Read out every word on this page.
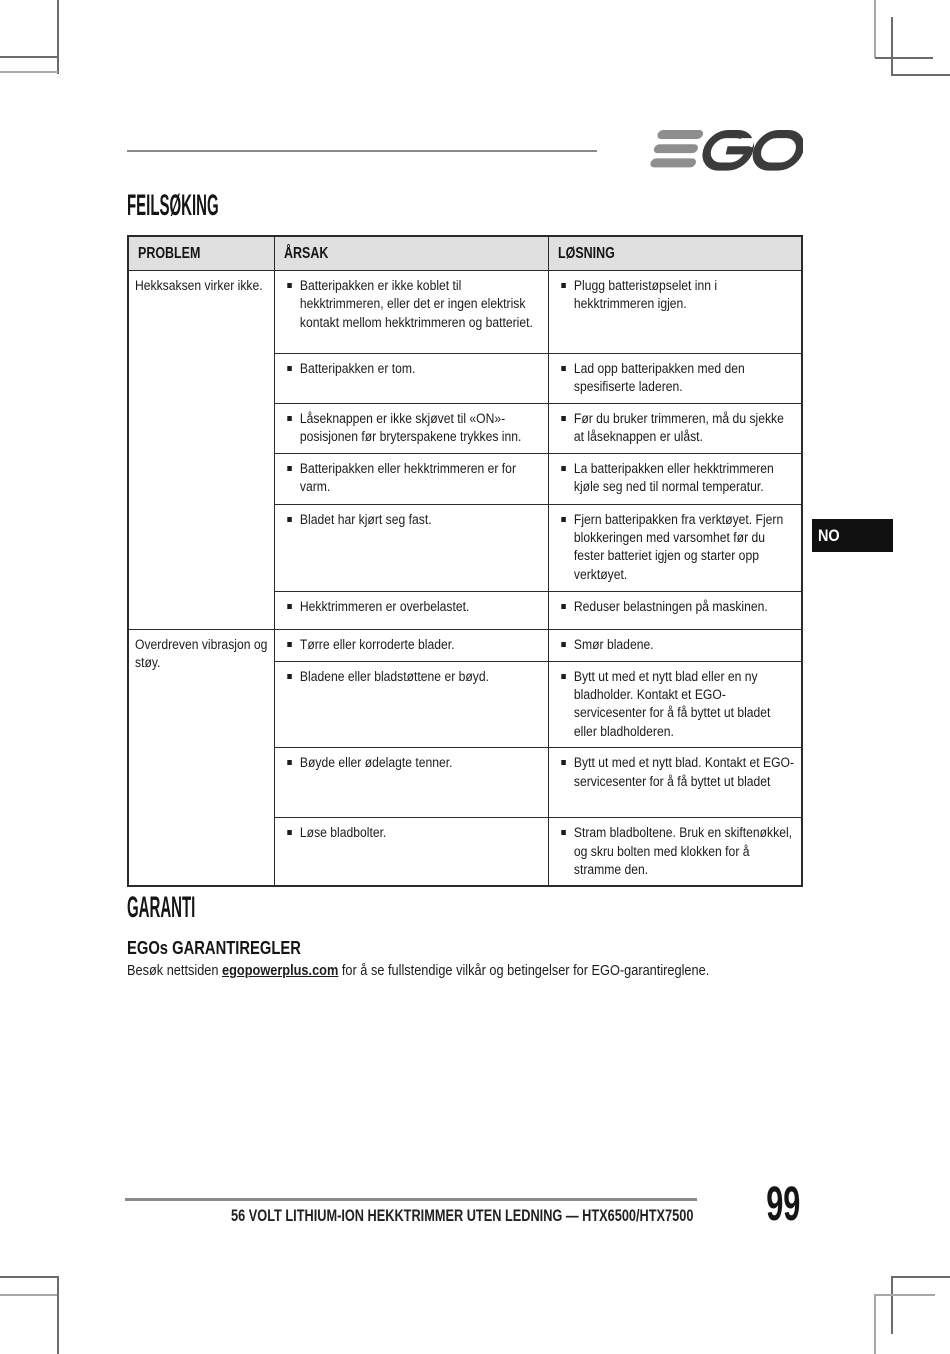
FEILSØKING
PROBLEM	ÅRSAK	LØSNING

Hekksaksen virker ikke.	Batteripakken er ikke koblet til hekktrimmeren, eller det er ingen elektrisk kontakt mellom hekktrimmeren og batteriet.	Plugg batteristøpselet inn i hekktrimmeren igjen.

	Batteripakken er tom.	Lad opp batteripakken med den spesifiserte laderen.

	Låseknappen er ikke skjøvet til «ON»-posisjonen før bryterspakene trykkes inn.	Før du bruker trimmeren, må du sjekke at låseknappen er ulåst.

	Batteripakken eller hekktrimmeren er for varm.	La batteripakken eller hekktrimmeren kjøle seg ned til normal temperatur.

	Bladet har kjørt seg fast.	Fjern batteripakken fra verktøyet. Fjern blokkeringen med varsomhet før du fester batteriet igjen og starter opp verktøyet.

	Hekktrimmeren er overbelastet.	Reduser belastningen på maskinen.

Overdreven vibrasjon og støy.	Tørre eller korroderte blader.	Smør bladene.

	Bladene eller bladstøttene er bøyd.	Bytt ut med et nytt blad eller en ny bladholder. Kontakt et EGO-servicesenter for å få byttet ut bladet eller bladholderen.

	Bøyde eller ødelagte tenner.	Bytt ut med et nytt blad. Kontakt et EGO-servicesenter for å få byttet ut bladet

	Løse bladbolter.	Stram bladboltene. Bruk en skiftenøkkel, og skru bolten med klokken for å stramme den.
GARANTI
EGOs GARANTIREGLER
Besøk nettsiden egopowerplus.com for å se fullstendige vilkår og betingelser for EGO-garantireglene.
NO
56 VOLT LITHIUM-ION HEKKTRIMMER UTEN LEDNING — HTX6500/HTX7500	99
